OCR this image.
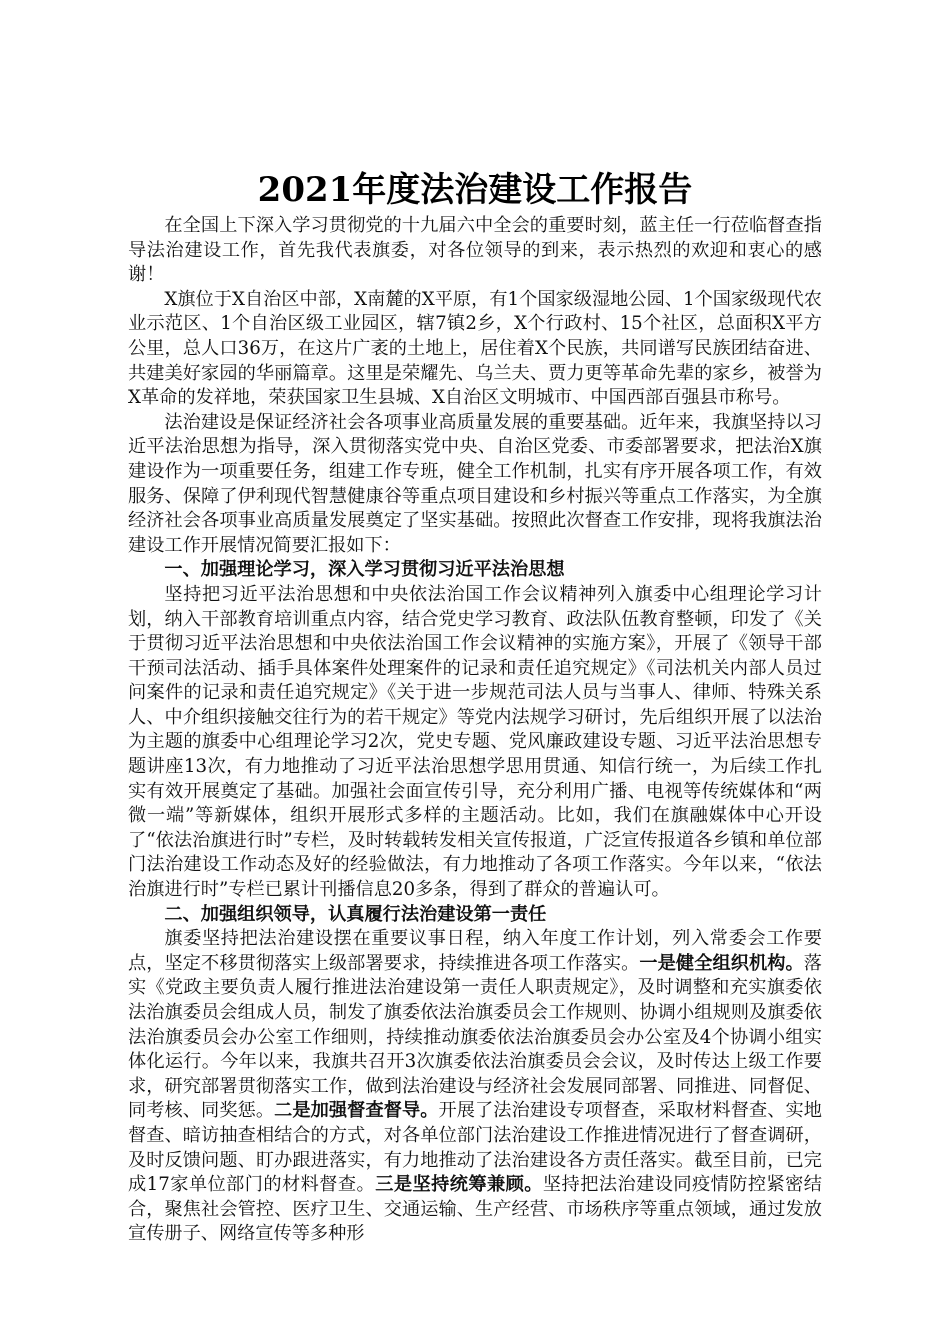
2021年度法治建设工作报告

在全国上下深入学习贯彻党的十九届六中全会的重要时刻，蓝主任一行莅临督查指导法治建设工作，首先我代表旗委，对各位领导的到来，表示热烈的欢迎和衷心的感谢！

X旗位于X自治区中部，X南麓的X平原，有1个国家级湿地公园、1个国家级现代农业示范区、1个自治区级工业园区，辖7镇2乡，X个行政村、15个社区，总面积X平方公里，总人口36万，在这片广袤的土地上，居住着X个民族，共同谱写民族团结奋进、共建美好家园的华丽篇章。这里是荣耀先、乌兰夫、贾力更等革命先辈的家乡，被誉为X革命的发祥地，荣获国家卫生县城、X自治区文明城市、中国西部百强县市称号。

法治建设是保证经济社会各项事业高质量发展的重要基础。近年来，我旗坚持以习近平法治思想为指导，深入贯彻落实党中央、自治区党委、市委部署要求，把法治X旗建设作为一项重要任务，组建工作专班，健全工作机制，扎实有序开展各项工作，有效服务、保障了伊利现代智慧健康谷等重点项目建设和乡村振兴等重点工作落实，为全旗经济社会各项事业高质量发展奠定了坚实基础。按照此次督查工作安排，现将我旗法治建设工作开展情况简要汇报如下：

一、加强理论学习，深入学习贯彻习近平法治思想

坚持把习近平法治思想和中央依法治国工作会议精神列入旗委中心组理论学习计划，纳入干部教育培训重点内容，结合党史学习教育、政法队伍教育整顿，印发了《关于贯彻习近平法治思想和中央依法治国工作会议精神的实施方案》，开展了《领导干部干预司法活动、插手具体案件处理案件的记录和责任追究规定》《司法机关内部人员过问案件的记录和责任追究规定》《关于进一步规范司法人员与当事人、律师、特殊关系人、中介组织接触交往行为的若干规定》等党内法规学习研讨，先后组织开展了以法治为主题的旗委中心组理论学习2次，党史专题、党风廉政建设专题、习近平法治思想专题讲座13次，有力地推动了习近平法治思想学思用贯通、知信行统一，为后续工作扎实有效开展奠定了基础。加强社会面宣传引导，充分利用广播、电视等传统媒体和“两微一端”等新媒体，组织开展形式多样的主题活动。比如，我们在旗融媒体中心开设了“依法治旗进行时”专栏，及时转载转发相关宣传报道，广泛宣传报道各乡镇和单位部门法治建设工作动态及好的经验做法，有力地推动了各项工作落实。今年以来，“依法治旗进行时”专栏已累计刊播信息20多条，得到了群众的普遍认可。

二、加强组织领导，认真履行法治建设第一责任

旗委坚持把法治建设摆在重要议事日程，纳入年度工作计划，列入常委会工作要点，坚定不移贯彻落实上级部署要求，持续推进各项工作落实。一是健全组织机构。落实《党政主要负责人履行推进法治建设第一责任人职责规定》，及时调整和充实旗委依法治旗委员会组成人员，制发了旗委依法治旗委员会工作规则、协调小组规则及旗委依法治旗委员会办公室工作细则，持续推动旗委依法治旗委员会办公室及4个协调小组实体化运行。今年以来，我旗共召开3次旗委依法治旗委员会会议，及时传达上级工作要求，研究部署贯彻落实工作，做到法治建设与经济社会发展同部署、同推进、同督促、同考核、同奖惩。二是加强督查督导。开展了法治建设专项督查，采取材料督查、实地督查、暗访抽查相结合的方式，对各单位部门法治建设工作推进情况进行了督查调研，及时反馈问题、盯办跟进落实，有力地推动了法治建设各方责任落实。截至目前，已完成17家单位部门的材料督查。三是坚持统筹兼顾。坚持把法治建设同疫情防控紧密结合，聚焦社会管控、医疗卫生、交通运输、生产经营、市场秩序等重点领域，通过发放宣传册子、网络宣传等多种形
